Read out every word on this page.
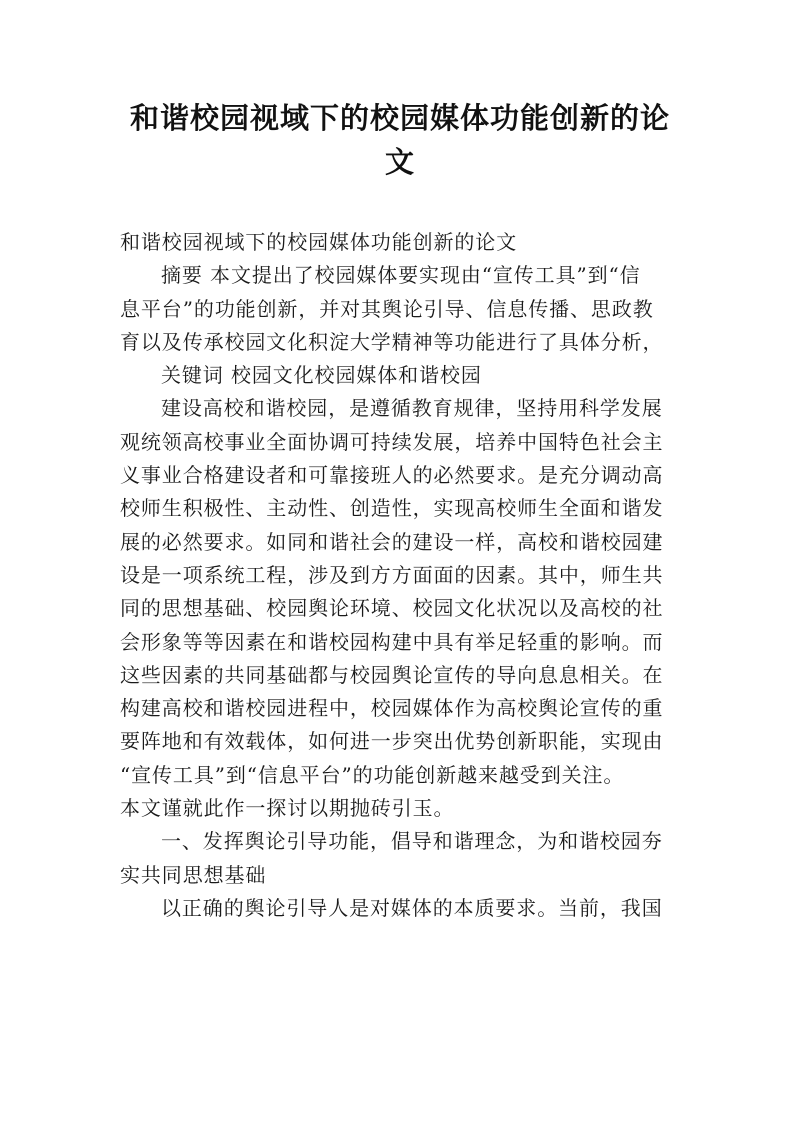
和谐校园视域下的校园媒体功能创新的论
文
和谐校园视域下的校园媒体功能创新的论文
摘要 本文提出了校园媒体要实现由“宣传工具”到“信
息平台”的功能创新，并对其舆论引导、信息传播、思政教
育以及传承校园文化积淀大学精神等功能进行了具体分析，
关键词 校园文化校园媒体和谐校园
建设高校和谐校园，是遵循教育规律，坚持用科学发展
观统领高校事业全面协调可持续发展，培养中国特色社会主
义事业合格建设者和可靠接班人的必然要求。是充分调动高
校师生积极性、主动性、创造性，实现高校师生全面和谐发
展的必然要求。如同和谐社会的建设一样，高校和谐校园建
设是一项系统工程，涉及到方方面面的因素。其中，师生共
同的思想基础、校园舆论环境、校园文化状况以及高校的社
会形象等等因素在和谐校园构建中具有举足轻重的影响。而
这些因素的共同基础都与校园舆论宣传的导向息息相关。在
构建高校和谐校园进程中，校园媒体作为高校舆论宣传的重
要阵地和有效载体，如何进一步突出优势创新职能，实现由
“宣传工具”到“信息平台”的功能创新越来越受到关注。
本文谨就此作一探讨以期抛砖引玉。
一、发挥舆论引导功能，倡导和谐理念，为和谐校园夯
实共同思想基础
以正确的舆论引导人是对媒体的本质要求。当前，我国
